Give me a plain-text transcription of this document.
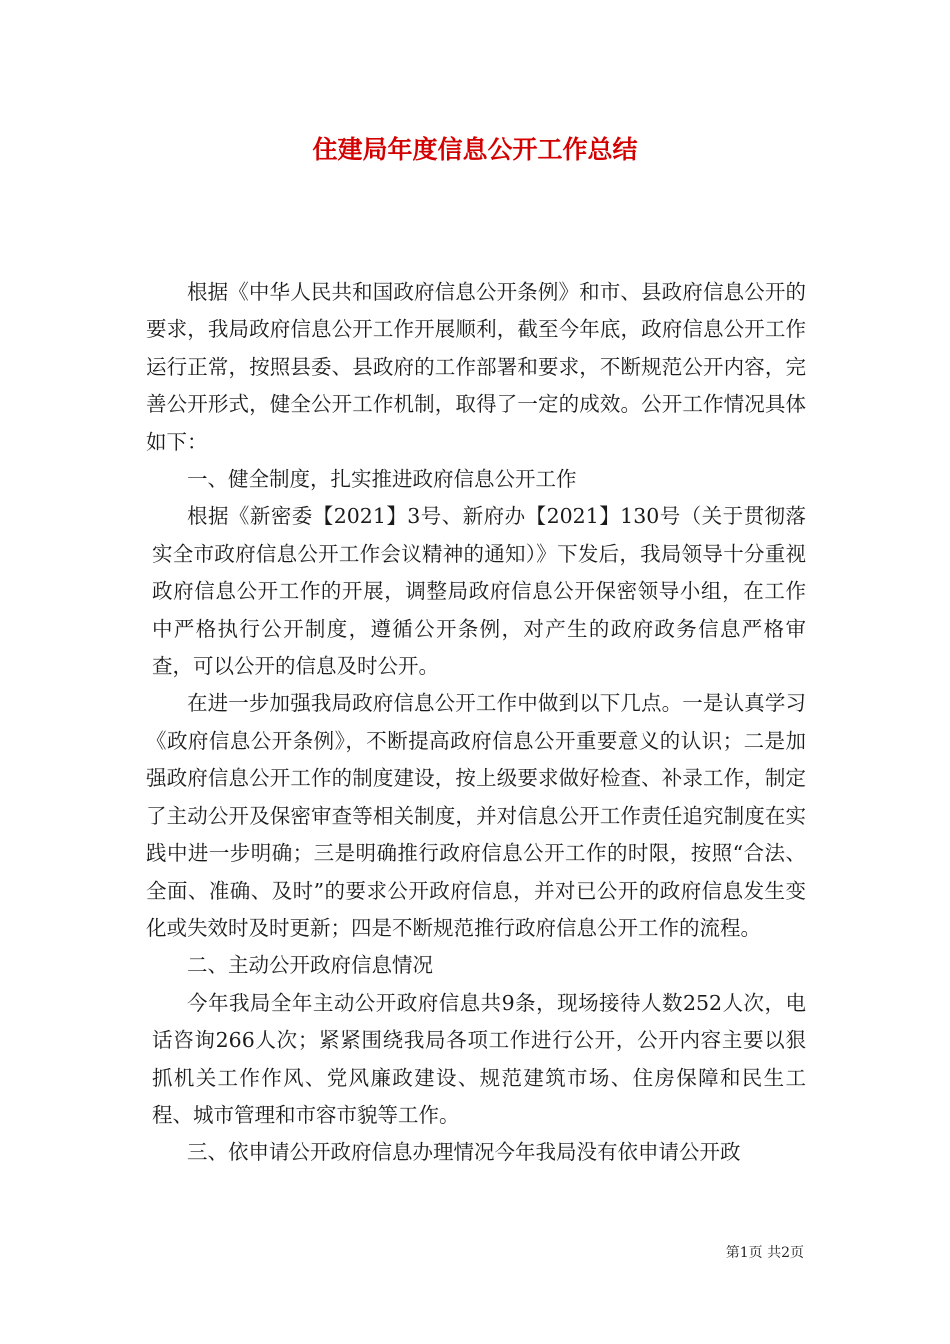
住建局年度信息公开工作总结

根据《中华人民共和国政府信息公开条例》和市、县政府信息公开的要求，我局政府信息公开工作开展顺利，截至今年底，政府信息公开工作运行正常，按照县委、县政府的工作部署和要求，不断规范公开内容，完善公开形式，健全公开工作机制，取得了一定的成效。公开工作情况具体如下：

一、健全制度，扎实推进政府信息公开工作

根据《新密委【2021】3号、新府办【2021】130号（关于贯彻落实全市政府信息公开工作会议精神的通知）》下发后，我局领导十分重视政府信息公开工作的开展，调整局政府信息公开保密领导小组，在工作中严格执行公开制度，遵循公开条例，对产生的政府政务信息严格审查，可以公开的信息及时公开。

在进一步加强我局政府信息公开工作中做到以下几点。一是认真学习《政府信息公开条例》，不断提高政府信息公开重要意义的认识；二是加强政府信息公开工作的制度建设，按上级要求做好检查、补录工作，制定了主动公开及保密审查等相关制度，并对信息公开工作责任追究制度在实践中进一步明确；三是明确推行政府信息公开工作的时限，按照“合法、全面、准确、及时”的要求公开政府信息，并对已公开的政府信息发生变化或失效时及时更新；四是不断规范推行政府信息公开工作的流程。

二、主动公开政府信息情况

今年我局全年主动公开政府信息共9条，现场接待人数252人次，电话咨询266人次；紧紧围绕我局各项工作进行公开，公开内容主要以狠抓机关工作作风、党风廉政建设、规范建筑市场、住房保障和民生工程、城市管理和市容市貌等工作。

三、依申请公开政府信息办理情况今年我局没有依申请公开政

第1页 共2页
